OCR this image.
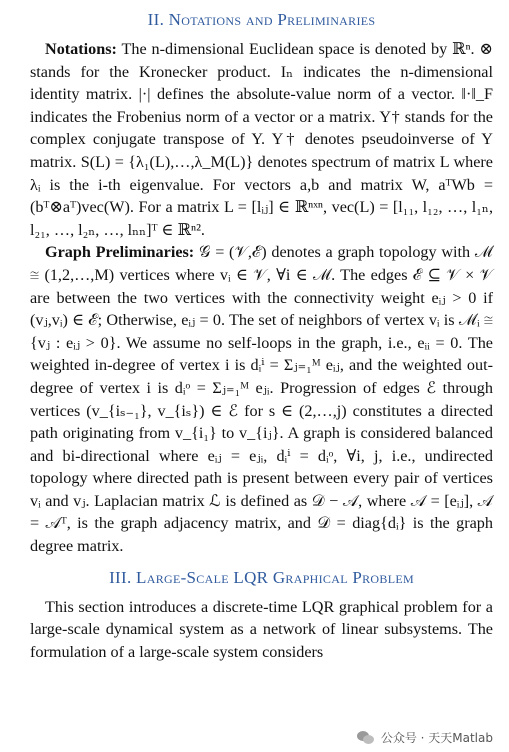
II. Notations and Preliminaries

Notations: The n-dimensional Euclidean space is denoted by ℝⁿ. ⊗ stands for the Kronecker product. Iₙ indicates the n-dimensional identity matrix. |·| defines the absolute-value norm of a vector. ‖·‖_F indicates the Frobenius norm of a vector or a matrix. Y† stands for the complex conjugate transpose of Y. Y† denotes pseudoinverse of Y matrix. S(L) = {λ₁(L),…,λ_M(L)} denotes spectrum of matrix L where λᵢ is the i-th eigenvalue. For vectors a,b and matrix W, aᵀWb = (bᵀ⊗aᵀ)vec(W). For a matrix L = [lᵢⱼ] ∈ ℝⁿˣⁿ, vec(L) = [l₁₁, l₁₂, …, l₁ₙ, l₂₁, …, l₂ₙ, …, lₙₙ]ᵀ ∈ ℝⁿ².

Graph Preliminaries: 𝒢 = (𝒱,ℰ) denotes a graph topology with ℳ ≅ (1,2,…,M) vertices where vᵢ ∈ 𝒱, ∀i ∈ ℳ. The edges ℰ ⊆ 𝒱 × 𝒱 are between the two vertices with the connectivity weight eᵢⱼ > 0 if (vⱼ,vᵢ) ∈ ℰ; Otherwise, eᵢⱼ = 0. The set of neighbors of vertex vᵢ is ℳᵢ ≅ {vⱼ : eᵢⱼ > 0}. We assume no self-loops in the graph, i.e., eᵢᵢ = 0. The weighted in-degree of vertex i is dᵢⁱ = Σⱼ₌₁ᴹ eᵢⱼ, and the weighted out-degree of vertex i is dᵢᵒ = Σⱼ₌₁ᴹ eⱼᵢ. Progression of edges ℰ through vertices (v_{iₛ₋₁}, v_{iₛ}) ∈ ℰ for s ∈ (2,…,j) constitutes a directed path originating from v_{i₁} to v_{iⱼ}. A graph is considered balanced and bi-directional where eᵢⱼ = eⱼᵢ, dᵢⁱ = dᵢᵒ, ∀i, j, i.e., undirected topology where directed path is present between every pair of vertices vᵢ and vⱼ. Laplacian matrix ℒ is defined as 𝒟 − 𝒜, where 𝒜 = [eᵢⱼ], 𝒜 = 𝒜ᵀ, is the graph adjacency matrix, and 𝒟 = diag{dᵢ} is the graph degree matrix.

III. Large-Scale LQR Graphical Problem

This section introduces a discrete-time LQR graphical problem for a large-scale dynamical system as a network of linear subsystems. The formulation of a large-scale system considers

公众号 · 天天Matlab
